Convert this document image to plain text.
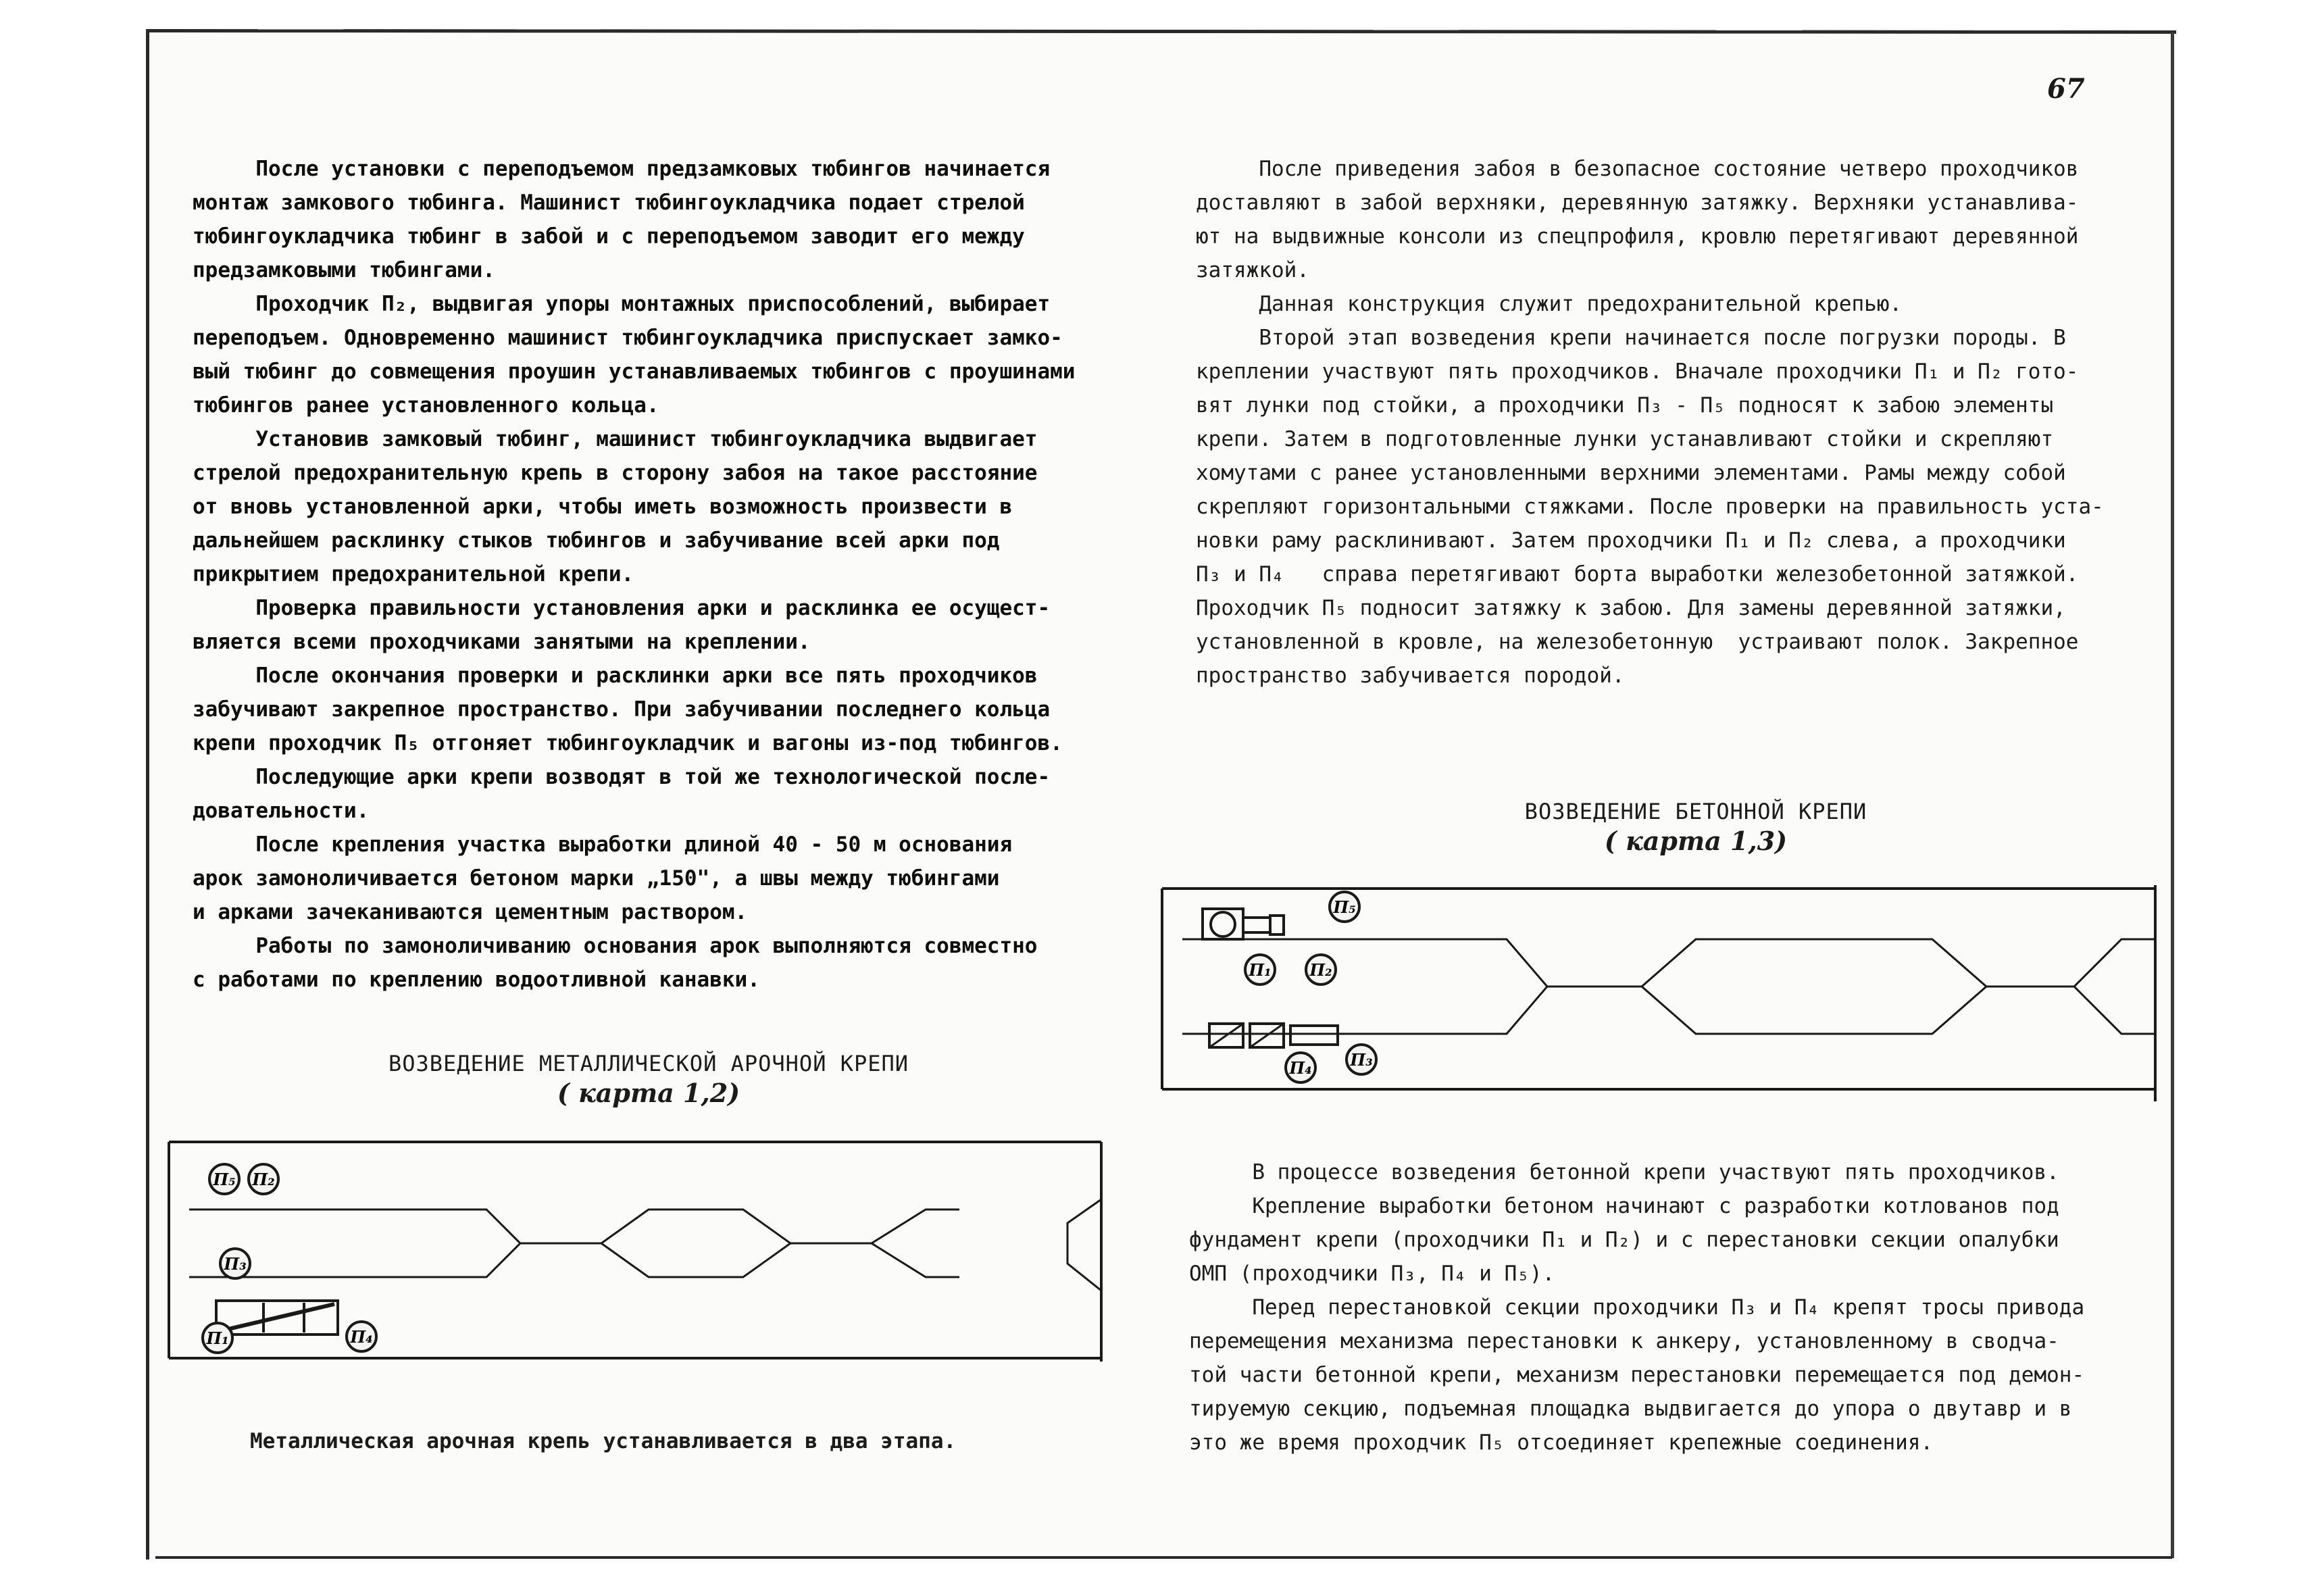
67
После установки с переподъемом предзамковых тюбингов начинается
монтаж замкового тюбинга. Машинист тюбингоукладчика подает стрелой
тюбингоукладчика тюбинг в забой и с переподъемом заводит его между
предзамковыми тюбингами.
Проходчик П₂, выдвигая упоры монтажных приспособлений, выбирает
переподъем. Одновременно машинист тюбингоукладчика приспускает замко-
вый тюбинг до совмещения проушин устанавливаемых тюбингов с проушинами
тюбингов ранее установленного кольца.
Установив замковый тюбинг, машинист тюбингоукладчика выдвигает
стрелой предохранительную крепь в сторону забоя на такое расстояние
от вновь установленной арки, чтобы иметь возможность произвести в
дальнейшем расклинку стыков тюбингов и забучивание всей арки под
прикрытием предохранительной крепи.
Проверка правильности установления арки и расклинка ее осущест-
вляется всеми проходчиками занятыми на креплении.
После окончания проверки и расклинки арки все пять проходчиков
забучивают закрепное пространство. При забучивании последнего кольца
крепи проходчик П₅ отгоняет тюбингоукладчик и вагоны из-под тюбингов.
Последующие арки крепи возводят в той же технологической после-
довательности.
После крепления участка выработки длиной 40 - 50 м основания
арок замоноличивается бетоном марки „150", а швы между тюбингами
и арками зачеканиваются цементным раствором.
Работы по замоноличиванию основания арок выполняются совместно
с работами по креплению водоотливной канавки.
ВОЗВЕДЕНИЕ МЕТАЛЛИЧЕСКОЙ АРОЧНОЙ КРЕПИ
( карта 1,2)
П₅ П₂
П₃
П₁	П₄
Металлическая арочная крепь устанавливается в два этапа.
После приведения забоя в безопасное состояние четверо проходчиков
доставляют в забой верхняки, деревянную затяжку. Верхняки устанавлива-
ют на выдвижные консоли из спецпрофиля, кровлю перетягивают деревянной
затяжкой.
Данная конструкция служит предохранительной крепью.
Второй этап возведения крепи начинается после погрузки породы. В
креплении участвуют пять проходчиков. Вначале проходчики П₁ и П₂ гото-
вят лунки под стойки, а проходчики П₃ - П₅ подносят к забою элементы
крепи. Затем в подготовленные лунки устанавливают стойки и скрепляют
хомутами с ранее установленными верхними элементами. Рамы между собой
скрепляют горизонтальными стяжками. После проверки на правильность уста-
новки раму расклинивают. Затем проходчики П₁ и П₂ слева, а проходчики
П₃ и П₄   справа перетягивают борта выработки железобетонной затяжкой.
Проходчик П₅ подносит затяжку к забою. Для замены деревянной затяжки,
установленной в кровле, на железобетонную  устраивают полок. Закрепное
пространство забучивается породой.
ВОЗВЕДЕНИЕ БЕТОННОЙ КРЕПИ
( карта 1,3)
П₅
П₁ П₂
П₄ П₃
В процессе возведения бетонной крепи участвуют пять проходчиков.
Крепление выработки бетоном начинают с разработки котлованов под
фундамент крепи (проходчики П₁ и П₂) и с перестановки секции опалубки
ОМП (проходчики П₃, П₄ и П₅).
Перед перестановкой секции проходчики П₃ и П₄ крепят тросы привода
перемещения механизма перестановки к анкеру, установленному в сводча-
той части бетонной крепи, механизм перестановки перемещается под демон-
тируемую секцию, подъемная площадка выдвигается до упора о двутавр и в
это же время проходчик П₅ отсоединяет крепежные соединения.
